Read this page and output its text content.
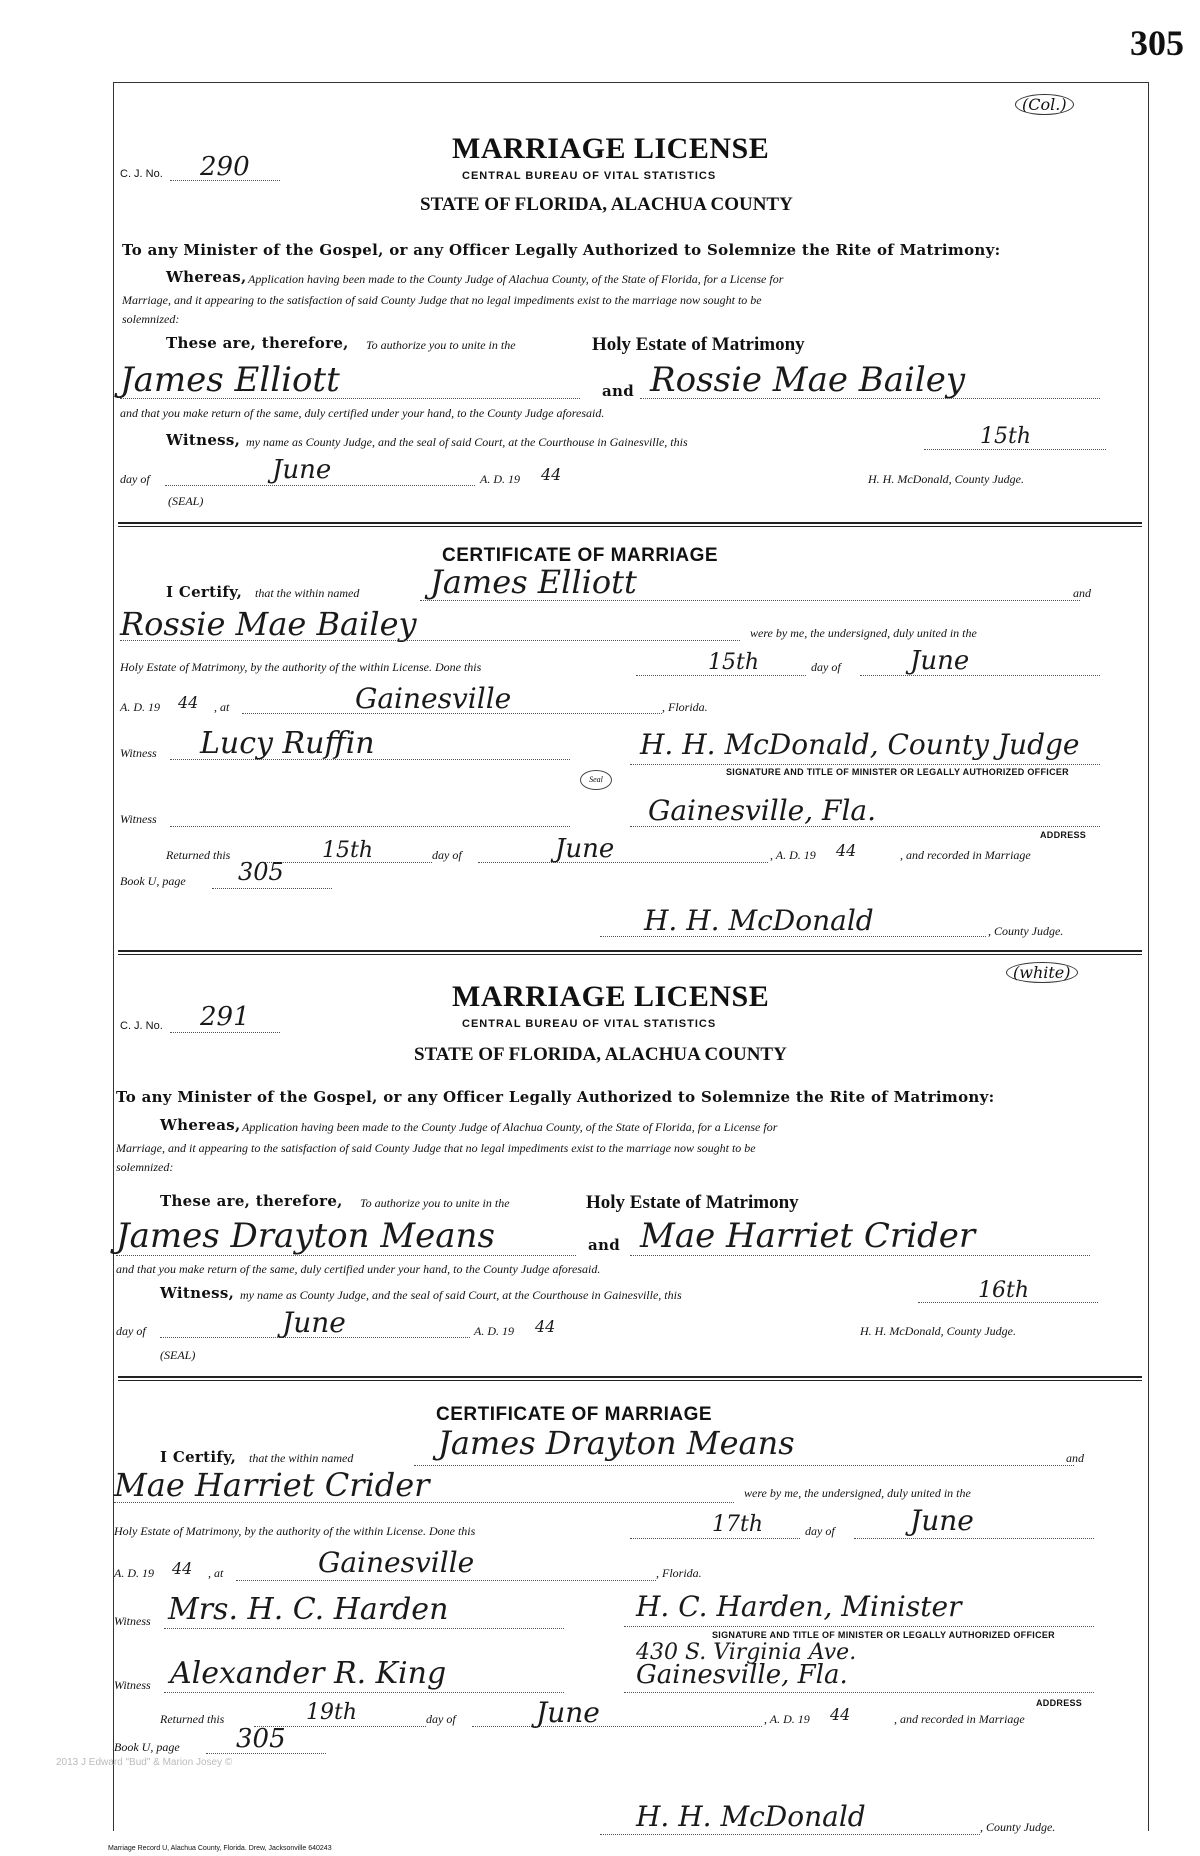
305
(Col.)
C. J. No. 290
MARRIAGE LICENSE
CENTRAL BUREAU OF VITAL STATISTICS
STATE OF FLORIDA, ALACHUA COUNTY
To any Minister of the Gospel, or any Officer Legally Authorized to Solemnize the Rite of Matrimony:
Whereas, Application having been made to the County Judge of Alachua County, of the State of Florida, for a License for
Marriage, and it appearing to the satisfaction of said County Judge that no legal impediments exist to the marriage now sought to be
solemnized:
These are, therefore, To authorize you to unite in the	Holy Estate of Matrimony
James Elliott	and Rossie Mae Bailey
and that you make return of the same, duly certified under your hand, to the County Judge aforesaid.
Witness, my name as County Judge, and the seal of said Court, at the Courthouse in Gainesville, this	15th
day of	June	A. D. 19 44	H. H. McDonald, County Judge.
(SEAL)
CERTIFICATE OF MARRIAGE
I Certify, that the within named James Elliott	and
Rossie Mae Bailey	were by me, the undersigned, duly united in the
Holy Estate of Matrimony, by the authority of the within License. Done this	15th	day of	June
A. D. 19 44 , at	Gainesville	, Florida.
Witness Lucy Ruffin	H. H. McDonald, County Judge
SIGNATURE AND TITLE OF MINISTER OR LEGALLY AUTHORIZED OFFICER
Seal
Witness	Gainesville, Fla.
ADDRESS
Returned this	15th	day of	June	, A. D. 19 44	, and recorded in Marriage
Book U, page 305
H. H. McDonald	, County Judge.
(white)
C. J. No. 291
MARRIAGE LICENSE
CENTRAL BUREAU OF VITAL STATISTICS
STATE OF FLORIDA, ALACHUA COUNTY
To any Minister of the Gospel, or any Officer Legally Authorized to Solemnize the Rite of Matrimony:
Whereas, Application having been made to the County Judge of Alachua County, of the State of Florida, for a License for
Marriage, and it appearing to the satisfaction of said County Judge that no legal impediments exist to the marriage now sought to be
solemnized:
These are, therefore, To authorize you to unite in the	Holy Estate of Matrimony
James Drayton Means	and Mae Harriet Crider
and that you make return of the same, duly certified under your hand, to the County Judge aforesaid.
Witness, my name as County Judge, and the seal of said Court, at the Courthouse in Gainesville, this	16th
day of	June	A. D. 19 44	H. H. McDonald, County Judge.
(SEAL)
CERTIFICATE OF MARRIAGE
I Certify, that the within named	James Drayton Means	and
Mae Harriet Crider	were by me, the undersigned, duly united in the
Holy Estate of Matrimony, by the authority of the within License. Done this	17th	day of	June
A. D. 19 44 , at	Gainesville	, Florida.
Witness Mrs. H. C. Harden	H. C. Harden, Minister
SIGNATURE AND TITLE OF MINISTER OR LEGALLY AUTHORIZED OFFICER
430 S. Virginia Ave.
Witness Alexander R. King	Gainesville, Fla.
ADDRESS
Returned this	19th	day of	June	, A. D. 19 44	, and recorded in Marriage
Book U, page 305
H. H. McDonald	, County Judge.
2013 J Edward "Bud" & Marion Josey ©
Marriage Record U, Alachua County, Florida. Drew, Jacksonville 640243
